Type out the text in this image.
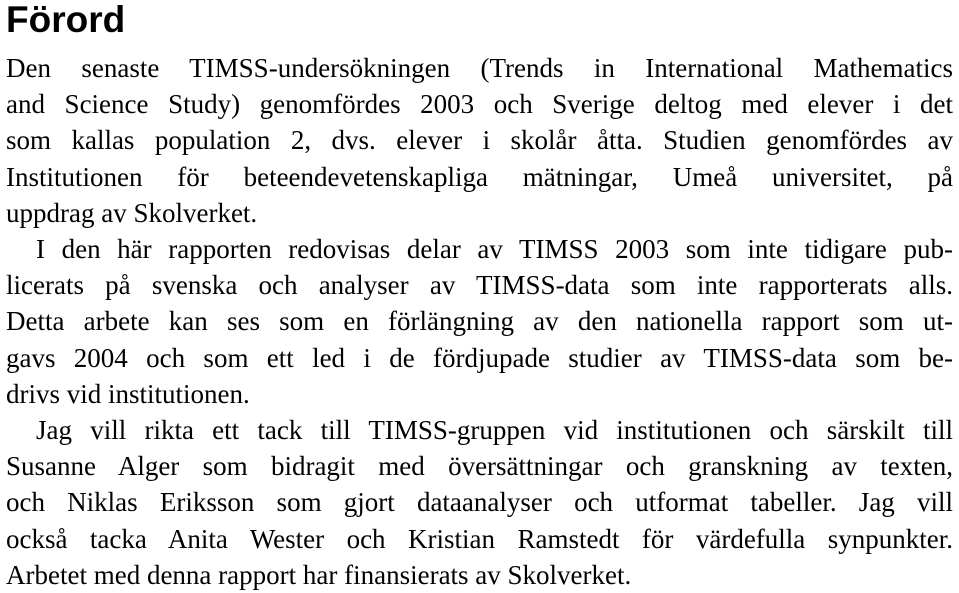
Förord

Den senaste TIMSS-undersökningen (Trends in International Mathematics
and Science Study) genomfördes 2003 och Sverige deltog med elever i det
som kallas population 2, dvs. elever i skolår åtta. Studien genomfördes av
Institutionen för beteendevetenskapliga mätningar, Umeå universitet, på
uppdrag av Skolverket.

I den här rapporten redovisas delar av TIMSS 2003 som inte tidigare pub-
licerats på svenska och analyser av TIMSS-data som inte rapporterats alls.
Detta arbete kan ses som en förlängning av den nationella rapport som ut-
gavs 2004 och som ett led i de fördjupade studier av TIMSS-data som be-
drivs vid institutionen.

Jag vill rikta ett tack till TIMSS-gruppen vid institutionen och särskilt till
Susanne Alger som bidragit med översättningar och granskning av texten,
och Niklas Eriksson som gjort dataanalyser och utformat tabeller. Jag vill
också tacka Anita Wester och Kristian Ramstedt för värdefulla synpunkter.
Arbetet med denna rapport har finansierats av Skolverket.
